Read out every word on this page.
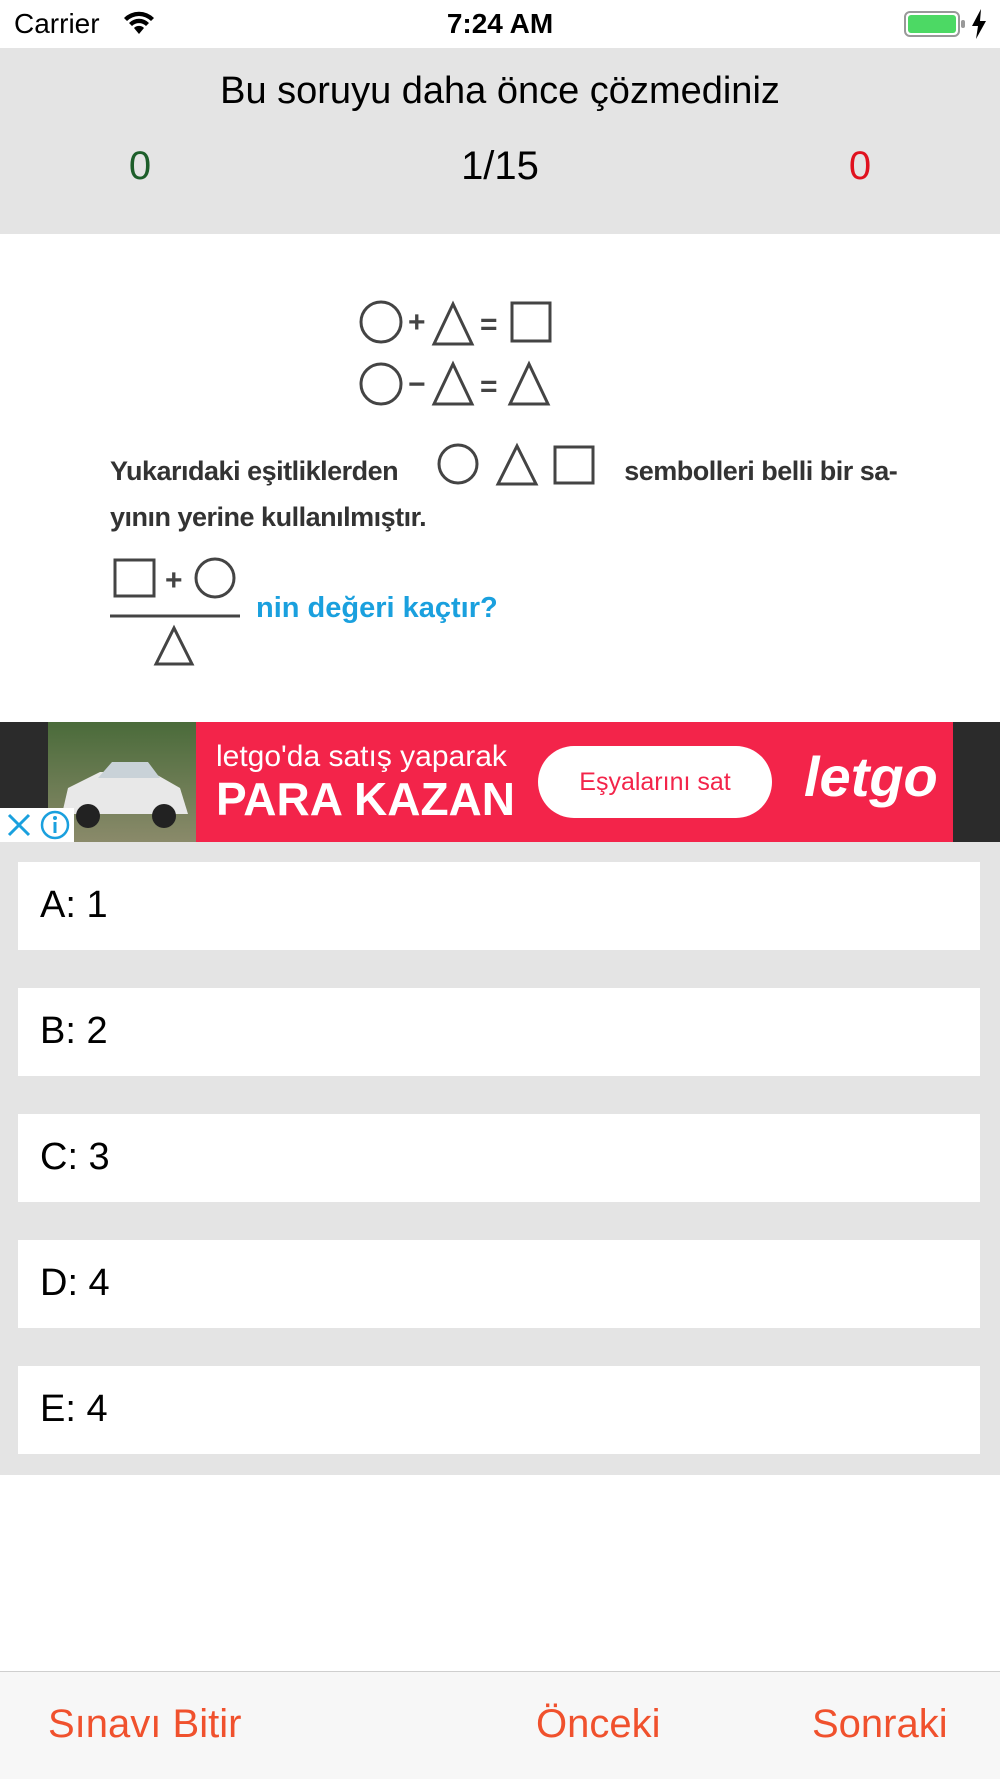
Carrier	7:24 AM
Bu soruyu daha önce çözmediniz
0	1/15	0
+ =
− =
+
Yukarıdaki eşitliklerden	sembolleri belli bir sa-
yının yerine kullanılmıştır.
nin değeri kaçtır?
letgo'da satış yaparak
PARA KAZAN	Eşyalarını sat	letgo
A: 1
B: 2
C: 3
D: 4
E: 4
Sınavı Bitir	Önceki	Sonraki
